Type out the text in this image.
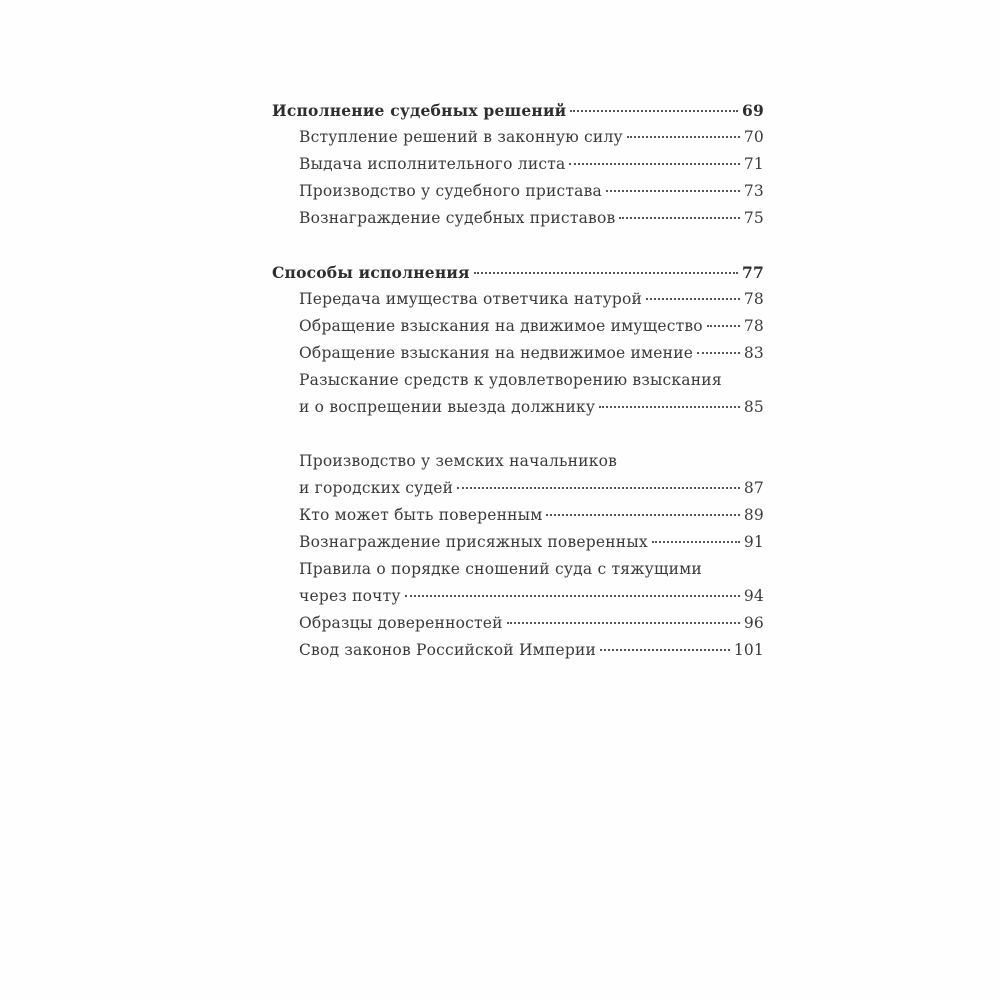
Исполнение судебных решений	69
Вступление решений в законную силу	70
Выдача исполнительного листа	71
Производство у судебного пристава	73
Вознаграждение судебных приставов	75
Способы исполнения	77
Передача имущества ответчика натурой	78
Обращение взыскания на движимое имущество	78
Обращение взыскания на недвижимое имение	83
Разыскание средств к удовлетворению взыскания
и о воспрещении выезда должнику	85
Производство у земских начальников
и городских судей	87
Кто может быть поверенным	89
Вознаграждение присяжных поверенных	91
Правила о порядке сношений суда с тяжущими
через почту	94
Образцы доверенностей	96
Свод законов Российской Империи	101
